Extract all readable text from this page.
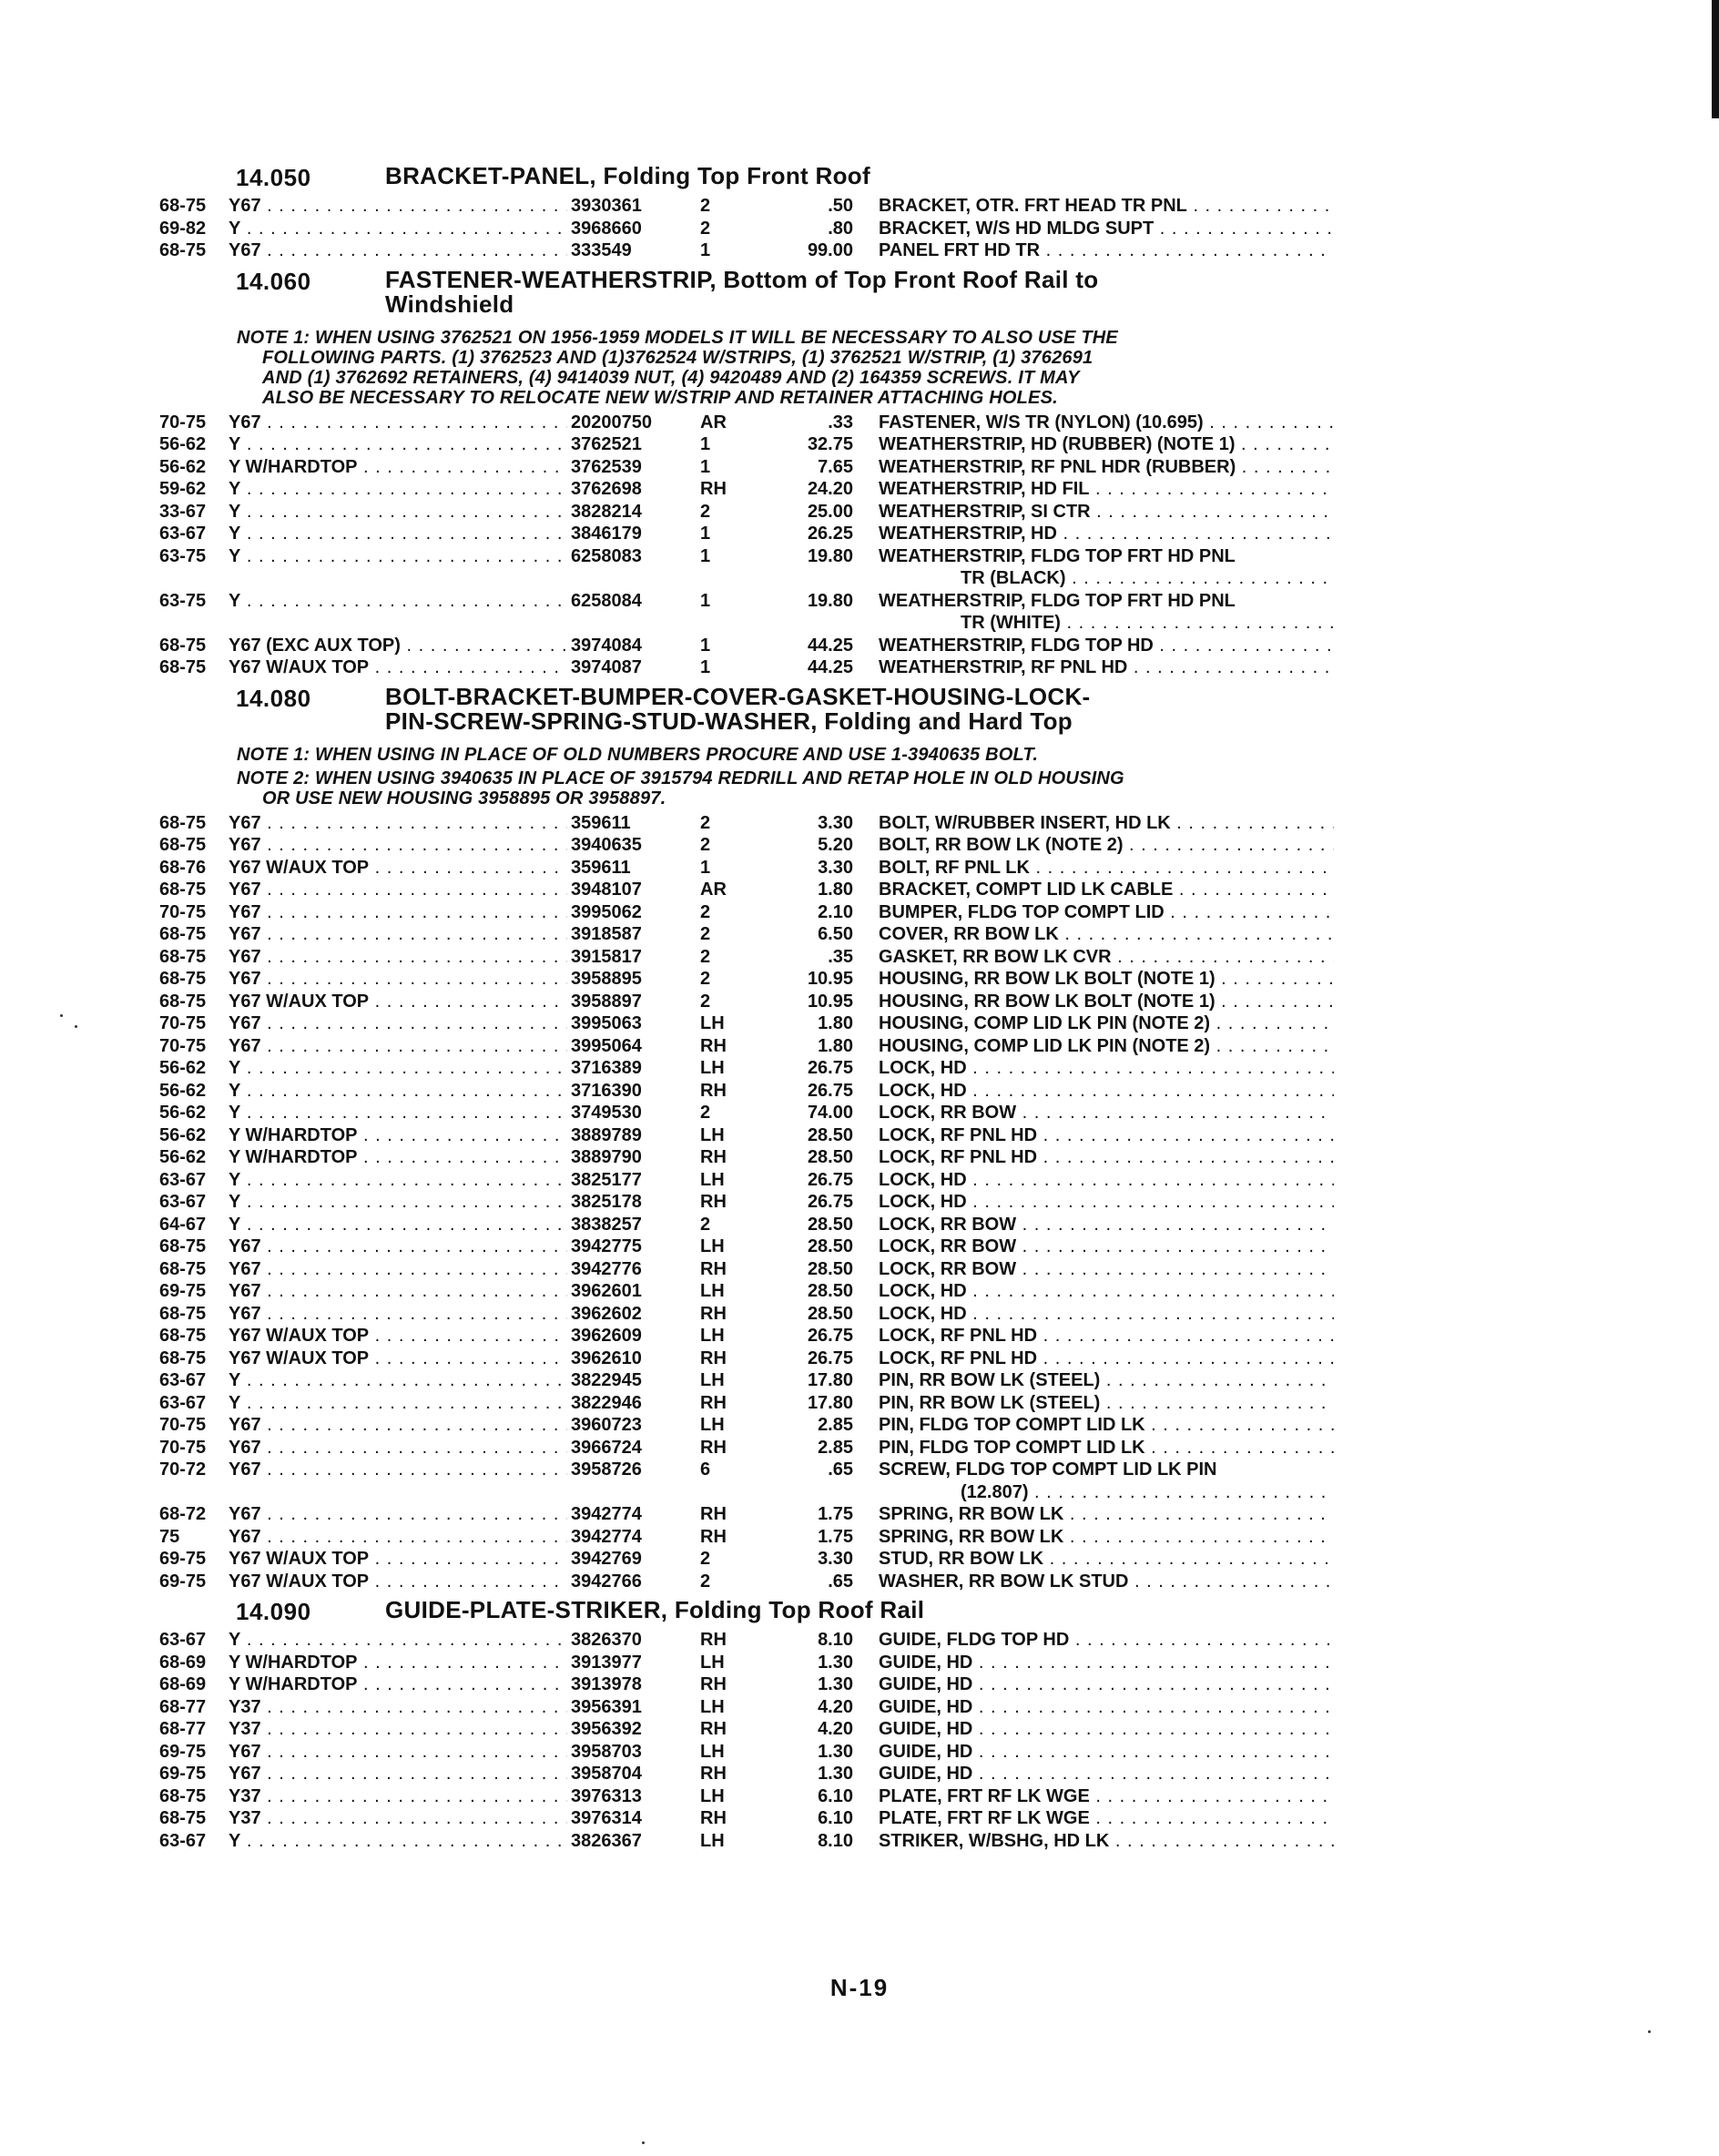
14.050	BRACKET-PANEL, Folding Top Front Roof
68-75	Y67 . . .	3930361	2	.50 BRACKET, OTR. FRT HEAD TR PNL . . .
69-82	Y . . .	3968660	2	.80 BRACKET, W/S HD MLDG SUPT . . .
68-75	Y67 . . .	333549	1	99.00 PANEL FRT HD TR . . .
14.060	FASTENER-WEATHERSTRIP, Bottom of Top Front Roof Rail to
Windshield
NOTE 1: WHEN USING 3762521 ON 1956-1959 MODELS IT WILL BE NECESSARY TO ALSO USE THE
FOLLOWING PARTS. (1) 3762523 AND (1)3762524 W/STRIPS, (1) 3762521 W/STRIP, (1) 3762691
AND (1) 3762692 RETAINERS, (4) 9414039 NUT, (4) 9420489 AND (2) 164359 SCREWS. IT MAY
ALSO BE NECESSARY TO RELOCATE NEW W/STRIP AND RETAINER ATTACHING HOLES.
70-75	Y67 . . .	20200750	AR	.33 FASTENER, W/S TR (NYLON) (10.695) . . .
56-62	Y . . .	3762521	1	32.75 WEATHERSTRIP, HD (RUBBER) (NOTE 1) . . .
56-62	Y W/HARDTOP . . .	3762539	1	7.65 WEATHERSTRIP, RF PNL HDR (RUBBER) . . .
59-62	Y . . .	3762698	RH	24.20 WEATHERSTRIP, HD FIL . . .
33-67	Y . . .	3828214	2	25.00 WEATHERSTRIP, SI CTR . . .
63-67	Y . . .	3846179	1	26.25 WEATHERSTRIP, HD . . .
63-75	Y . . .	6258083	1	19.80 WEATHERSTRIP, FLDG TOP FRT HD PNL
TR (BLACK) . . .
63-75	Y . . .	6258084	1	19.80 WEATHERSTRIP, FLDG TOP FRT HD PNL
TR (WHITE) . . .
68-75	Y67 (EXC AUX TOP) . . .	3974084	1	44.25 WEATHERSTRIP, FLDG TOP HD . . .
68-75	Y67 W/AUX TOP . . .	3974087	1	44.25 WEATHERSTRIP, RF PNL HD . . .
14.080	BOLT-BRACKET-BUMPER-COVER-GASKET-HOUSING-LOCK-
PIN-SCREW-SPRING-STUD-WASHER, Folding and Hard Top
NOTE 1: WHEN USING IN PLACE OF OLD NUMBERS PROCURE AND USE 1-3940635 BOLT.
NOTE 2: WHEN USING 3940635 IN PLACE OF 3915794 REDRILL AND RETAP HOLE IN OLD HOUSING
OR USE NEW HOUSING 3958895 OR 3958897.
68-75	Y67 . . .	359611	2	3.30 BOLT, W/RUBBER INSERT, HD LK . . .
68-75	Y67 . . .	3940635	2	5.20 BOLT, RR BOW LK (NOTE 2) . . .
68-76	Y67 W/AUX TOP . . .	359611	1	3.30 BOLT, RF PNL LK . . .
68-75	Y67 . . .	3948107	AR	1.80 BRACKET, COMPT LID LK CABLE . . .
70-75	Y67 . . .	3995062	2	2.10 BUMPER, FLDG TOP COMPT LID . . .
68-75	Y67 . . .	3918587	2	6.50 COVER, RR BOW LK . . .
68-75	Y67 . . .	3915817	2	.35 GASKET, RR BOW LK CVR . . .
68-75	Y67 . . .	3958895	2	10.95 HOUSING, RR BOW LK BOLT (NOTE 1) . . .
68-75	Y67 W/AUX TOP . . .	3958897	2	10.95 HOUSING, RR BOW LK BOLT (NOTE 1) . . .
70-75	Y67 . . .	3995063	LH	1.80 HOUSING, COMP LID LK PIN (NOTE 2) . . .
70-75	Y67 . . .	3995064	RH	1.80 HOUSING, COMP LID LK PIN (NOTE 2) . . .
56-62	Y . . .	3716389	LH	26.75 LOCK, HD . . .
56-62	Y . . .	3716390	RH	26.75 LOCK, HD . . .
56-62	Y . . .	3749530	2	74.00 LOCK, RR BOW . . .
56-62	Y W/HARDTOP . . .	3889789	LH	28.50 LOCK, RF PNL HD . . .
56-62	Y W/HARDTOP . . .	3889790	RH	28.50 LOCK, RF PNL HD . . .
63-67	Y . . .	3825177	LH	26.75 LOCK, HD . . .
63-67	Y . . .	3825178	RH	26.75 LOCK, HD . . .
64-67	Y . . .	3838257	2	28.50 LOCK, RR BOW . . .
68-75	Y67 . . .	3942775	LH	28.50 LOCK, RR BOW . . .
68-75	Y67 . . .	3942776	RH	28.50 LOCK, RR BOW . . .
69-75	Y67 . . .	3962601	LH	28.50 LOCK, HD . . .
68-75	Y67 . . .	3962602	RH	28.50 LOCK, HD . . .
68-75	Y67 W/AUX TOP . . .	3962609	LH	26.75 LOCK, RF PNL HD . . .
68-75	Y67 W/AUX TOP . . .	3962610	RH	26.75 LOCK, RF PNL HD . . .
63-67	Y . . .	3822945	LH	17.80 PIN, RR BOW LK (STEEL) . . .
63-67	Y . . .	3822946	RH	17.80 PIN, RR BOW LK (STEEL) . . .
70-75	Y67 . . .	3960723	LH	2.85 PIN, FLDG TOP COMPT LID LK . . .
70-75	Y67 . . .	3966724	RH	2.85 PIN, FLDG TOP COMPT LID LK . . .
70-72	Y67 . . .	3958726	6	.65 SCREW, FLDG TOP COMPT LID LK PIN
(12.807) . . .
68-72	Y67 . . .	3942774	RH	1.75 SPRING, RR BOW LK . . .
75	Y67 . . .	3942774	RH	1.75 SPRING, RR BOW LK . . .
69-75	Y67 W/AUX TOP . . .	3942769	2	3.30 STUD, RR BOW LK . . .
69-75	Y67 W/AUX TOP . . .	3942766	2	.65 WASHER, RR BOW LK STUD . . .
14.090	GUIDE-PLATE-STRIKER, Folding Top Roof Rail
63-67	Y . . .	3826370	RH	8.10 GUIDE, FLDG TOP HD . . .
68-69	Y W/HARDTOP . . .	3913977	LH	1.30 GUIDE, HD . . .
68-69	Y W/HARDTOP . . .	3913978	RH	1.30 GUIDE, HD . . .
68-77	Y37 . . .	3956391	LH	4.20 GUIDE, HD . . .
68-77	Y37 . . .	3956392	RH	4.20 GUIDE, HD . . .
69-75	Y67 . . .	3958703	LH	1.30 GUIDE, HD . . .
69-75	Y67 . . .	3958704	RH	1.30 GUIDE, HD . . .
68-75	Y37 . . .	3976313	LH	6.10 PLATE, FRT RF LK WGE . . .
68-75	Y37 . . .	3976314	RH	6.10 PLATE, FRT RF LK WGE . . .
63-67	Y . . .	3826367	LH	8.10 STRIKER, W/BSHG, HD LK . . .
N-19
